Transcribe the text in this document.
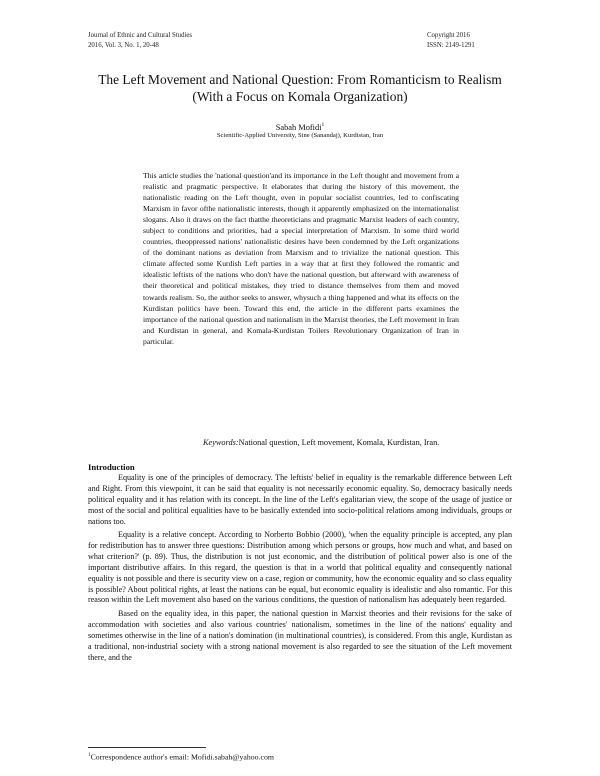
Journal of Ethnic and Cultural Studies
2016, Vol. 3, No. 1, 20-48
Copyright 2016
ISSN: 2149-1291
The Left Movement and National Question: From Romanticism to Realism
(With a Focus on Komala Organization)
Sabah Mofidi$^1$
Scientific-Applied University, Sine (Sanandaj), Kurdistan, Iran

This article studies the 'national question'and its importance in the Left thought and movement from a realistic and pragmatic perspective. It elaborates that during the history of this movement, the nationalistic reading on the Left thought, even in popular socialist countries, led to confiscating Marxism in favor ofthe nationalistic interests, though it apparently emphasized on the internationalist slogans. Also it draws on the fact thatthe theoreticians and pragmatic Marxist leaders of each country, subject to conditions and priorities, had a special interpretation of Marxism. In some third world countries, theoppressed nations' nationalistic desires have been condemned by the Left organizations of the dominant nations as deviation from Marxism and to trivialize the national question. This climate affected some Kurdish Left parties in a way that at first they followed the romantic and idealistic leftists of the nations who don't have the national question, but afterward with awareness of their theoretical and political mistakes, they tried to distance themselves from them and moved towards realism. So, the author seeks to answer, whysuch a thing happened and what its effects on the Kurdistan politics have been. Toward this end, the article in the different parts examines the importance of the national question and nationalism in the Marxist theories, the Left movement in Iran and Kurdistan in general, and Komala-Kurdistan Toilers Revolutionary Organization of Iran in particular.

Keywords:National question, Left movement, Komala, Kurdistan, Iran.
Introduction

Equality is one of the principles of democracy. The leftists' belief in equality is the remarkable difference between Left and Right. From this viewpoint, it can be said that equality is not necessarily economic equality. So, democracy basically needs political equality and it has relation with its concept. In the line of the Left's egalitarian view, the scope of the usage of justice or most of the social and political equalities have to be basically extended into socio-political relations among individuals, groups or nations too.

Equality is a relative concept. According to Norberto Bobbio (2000), 'when the equality principle is accepted, any plan for redistribution has to answer three questions: Distribution among which persons or groups, how much and what, and based on what criterion?' (p. 89). Thus, the distribution is not just economic, and the distribution of political power also is one of the important distributive affairs. In this regard, the question is that in a world that political equality and consequently national equality is not possible and there is security view on a case, region or community, how the economic equality and so class equality is possible? About political rights, at least the nations can be equal, but economic equality is idealistic and also romantic. For this reason within the Left movement also based on the various conditions, the question of nationalism has adequately been regarded.

Based on the equality idea, in this paper, the national question in Marxist theories and their revisions for the sake of accommodation with societies and also various countries' nationalism, sometimes in the line of the nations' equality and sometimes otherwise in the line of a nation's domination (in multinational countries), is considered. From this angle, Kurdistan as a traditional, non-industrial society with a strong national movement is also regarded to see the situation of the Left movement there, and the

$^1$Correspondence author's email: Mofidi.sabah@yahoo.com
